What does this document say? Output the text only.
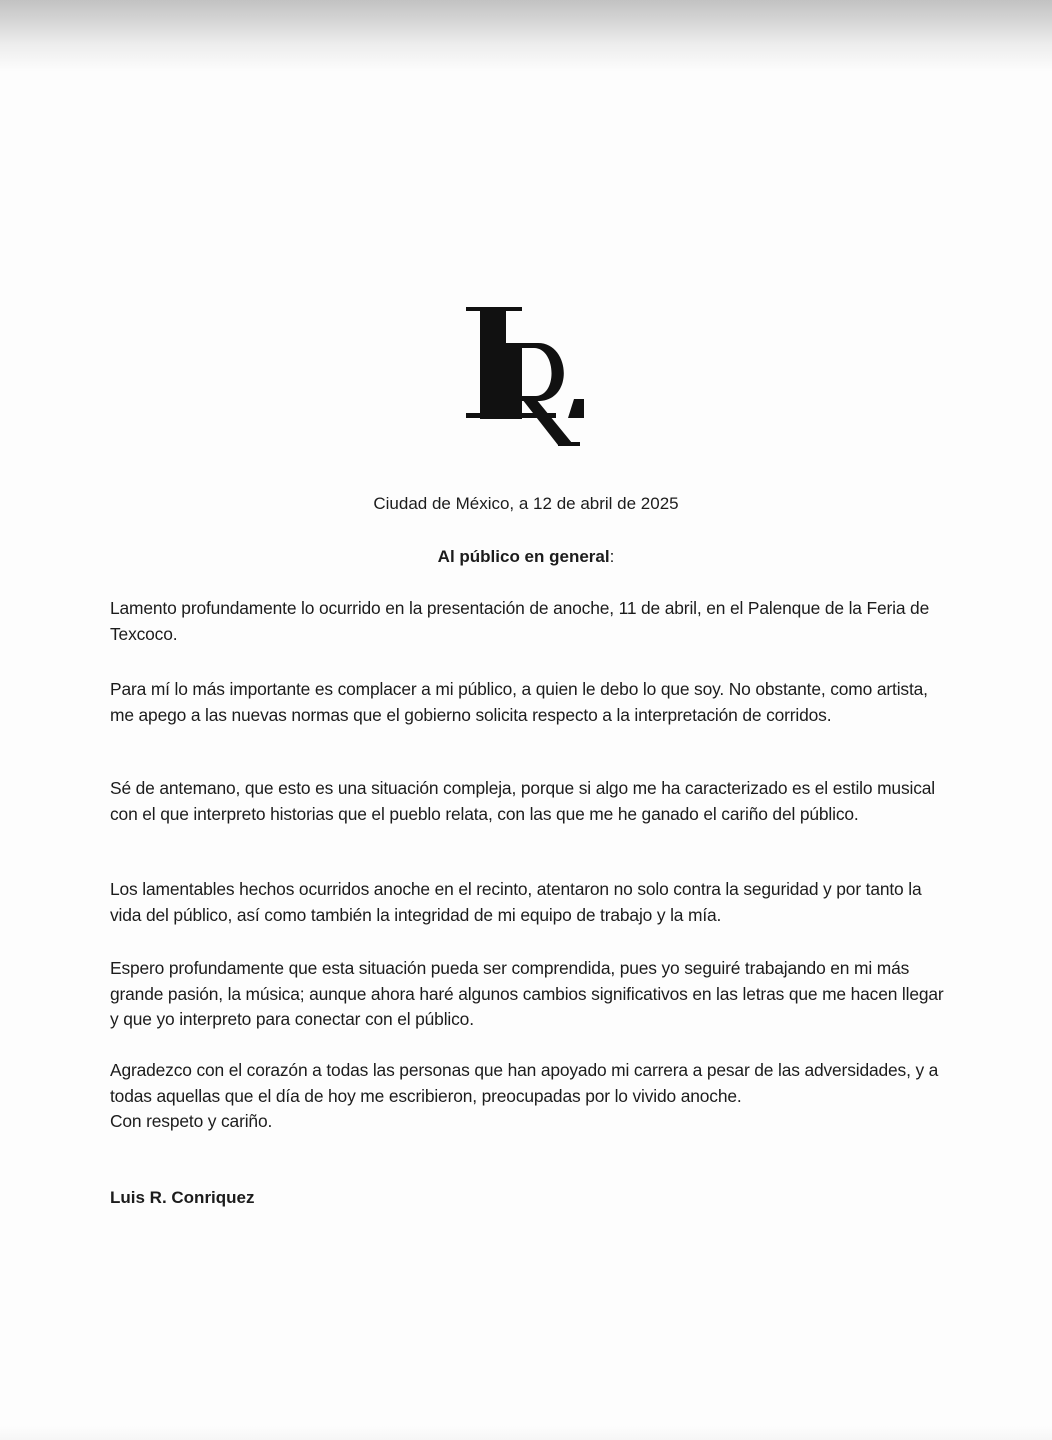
Ciudad de México, a 12 de abril de 2025
Al público en general:

Lamento profundamente lo ocurrido en la presentación de anoche, 11 de abril, en el Palenque de la Feria de Texcoco.

Para mí lo más importante es complacer a mi público, a quien le debo lo que soy. No obstante, como artista, me apego a las nuevas normas que el gobierno solicita respecto a la interpretación de corridos.

Sé de antemano, que esto es una situación compleja, porque si algo me ha caracterizado es el estilo musical con el que interpreto historias que el pueblo relata, con las que me he ganado el cariño del público.

Los lamentables hechos ocurridos anoche en el recinto, atentaron no solo contra la seguridad y por tanto la vida del público, así como también la integridad de mi equipo de trabajo y la mía.

Espero profundamente que esta situación pueda ser comprendida, pues yo seguiré trabajando en mi más grande pasión, la música; aunque ahora haré algunos cambios significativos en las letras que me hacen llegar y que yo interpreto para conectar con el público.

Agradezco con el corazón a todas las personas que han apoyado mi carrera a pesar de las adversidades, y a todas aquellas que el día de hoy me escribieron, preocupadas por lo vivido anoche.

Con respeto y cariño.

Luis R. Conriquez
